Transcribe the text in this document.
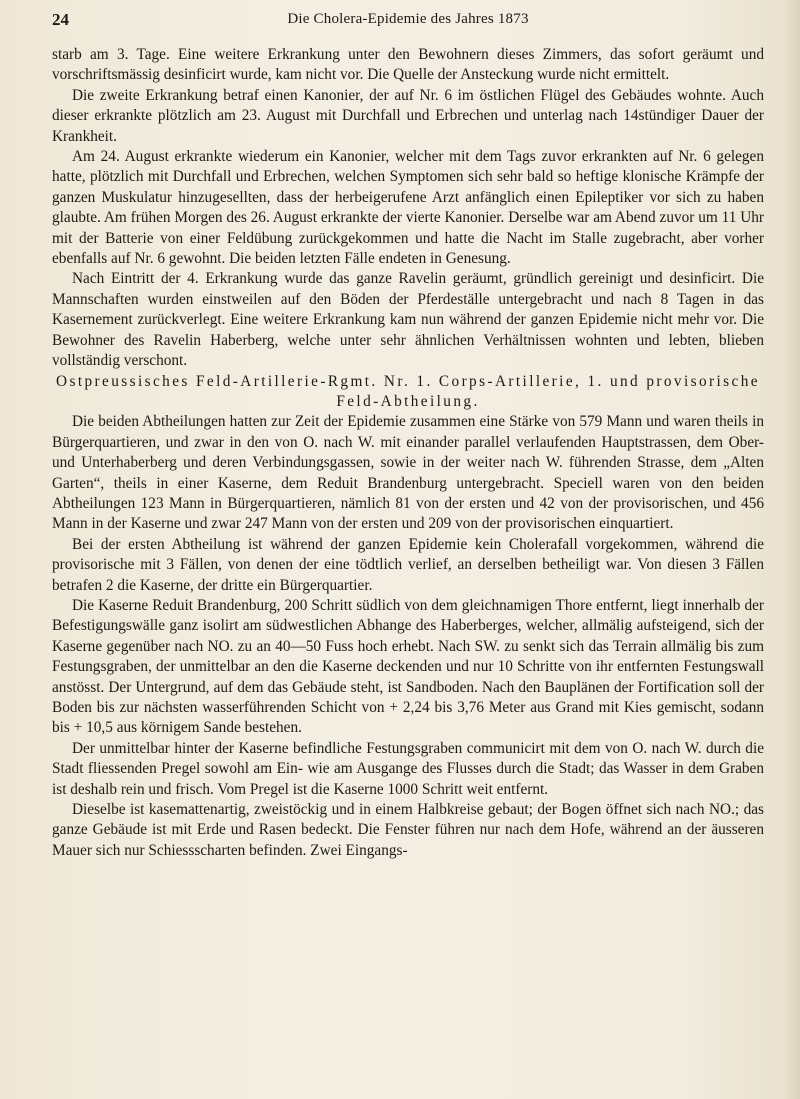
24	Die Cholera-Epidemie des Jahres 1873

starb am 3. Tage. Eine weitere Erkrankung unter den Bewohnern dieses Zimmers, das sofort geräumt und vorschriftsmässig desinficirt wurde, kam nicht vor. Die Quelle der Ansteckung wurde nicht ermittelt.

Die zweite Erkrankung betraf einen Kanonier, der auf Nr. 6 im östlichen Flügel des Gebäudes wohnte. Auch dieser erkrankte plötzlich am 23. August mit Durchfall und Erbrechen und unterlag nach 14stündiger Dauer der Krankheit.

Am 24. August erkrankte wiederum ein Kanonier, welcher mit dem Tags zuvor erkrankten auf Nr. 6 gelegen hatte, plötzlich mit Durchfall und Erbrechen, welchen Symptomen sich sehr bald so heftige klonische Krämpfe der ganzen Muskulatur hinzugesellten, dass der herbeigerufene Arzt anfänglich einen Epileptiker vor sich zu haben glaubte. Am frühen Morgen des 26. August erkrankte der vierte Kanonier. Derselbe war am Abend zuvor um 11 Uhr mit der Batterie von einer Feldübung zurückgekommen und hatte die Nacht im Stalle zugebracht, aber vorher ebenfalls auf Nr. 6 gewohnt. Die beiden letzten Fälle endeten in Genesung.

Nach Eintritt der 4. Erkrankung wurde das ganze Ravelin geräumt, gründlich gereinigt und desinficirt. Die Mannschaften wurden einstweilen auf den Böden der Pferdeställe untergebracht und nach 8 Tagen in das Kasernement zurückverlegt. Eine weitere Erkrankung kam nun während der ganzen Epidemie nicht mehr vor. Die Bewohner des Ravelin Haberberg, welche unter sehr ähnlichen Verhältnissen wohnten und lebten, blieben vollständig verschont.

Ostpreussisches Feld-Artillerie-Rgmt. Nr. 1. Corps-Artillerie, 1. und provisorische Feld-Abtheilung.

Die beiden Abtheilungen hatten zur Zeit der Epidemie zusammen eine Stärke von 579 Mann und waren theils in Bürgerquartieren, und zwar in den von O. nach W. mit einander parallel verlaufenden Hauptstrassen, dem Ober- und Unterhaberberg und deren Verbindungsgassen, sowie in der weiter nach W. führenden Strasse, dem „Alten Garten“, theils in einer Kaserne, dem Reduit Brandenburg untergebracht. Speciell waren von den beiden Abtheilungen 123 Mann in Bürgerquartieren, nämlich 81 von der ersten und 42 von der provisorischen, und 456 Mann in der Kaserne und zwar 247 Mann von der ersten und 209 von der provisorischen einquartiert.

Bei der ersten Abtheilung ist während der ganzen Epidemie kein Cholerafall vorgekommen, während die provisorische mit 3 Fällen, von denen der eine tödtlich verlief, an derselben betheiligt war. Von diesen 3 Fällen betrafen 2 die Kaserne, der dritte ein Bürgerquartier.

Die Kaserne Reduit Brandenburg, 200 Schritt südlich von dem gleichnamigen Thore entfernt, liegt innerhalb der Befestigungswälle ganz isolirt am südwestlichen Abhange des Haberberges, welcher, allmälig aufsteigend, sich der Kaserne gegenüber nach NO. zu an 40—50 Fuss hoch erhebt. Nach SW. zu senkt sich das Terrain allmälig bis zum Festungsgraben, der unmittelbar an den die Kaserne deckenden und nur 10 Schritte von ihr entfernten Festungswall anstösst. Der Untergrund, auf dem das Gebäude steht, ist Sandboden. Nach den Bauplänen der Fortification soll der Boden bis zur nächsten wasserführenden Schicht von + 2,24 bis 3,76 Meter aus Grand mit Kies gemischt, sodann bis + 10,5 aus körnigem Sande bestehen.

Der unmittelbar hinter der Kaserne befindliche Festungsgraben communicirt mit dem von O. nach W. durch die Stadt fliessenden Pregel sowohl am Ein- wie am Ausgange des Flusses durch die Stadt; das Wasser in dem Graben ist deshalb rein und frisch. Vom Pregel ist die Kaserne 1000 Schritt weit entfernt.

Dieselbe ist kasemattenartig, zweistöckig und in einem Halbkreise gebaut; der Bogen öffnet sich nach NO.; das ganze Gebäude ist mit Erde und Rasen bedeckt. Die Fenster führen nur nach dem Hofe, während an der äusseren Mauer sich nur Schiessscharten befinden. Zwei Eingangs-
